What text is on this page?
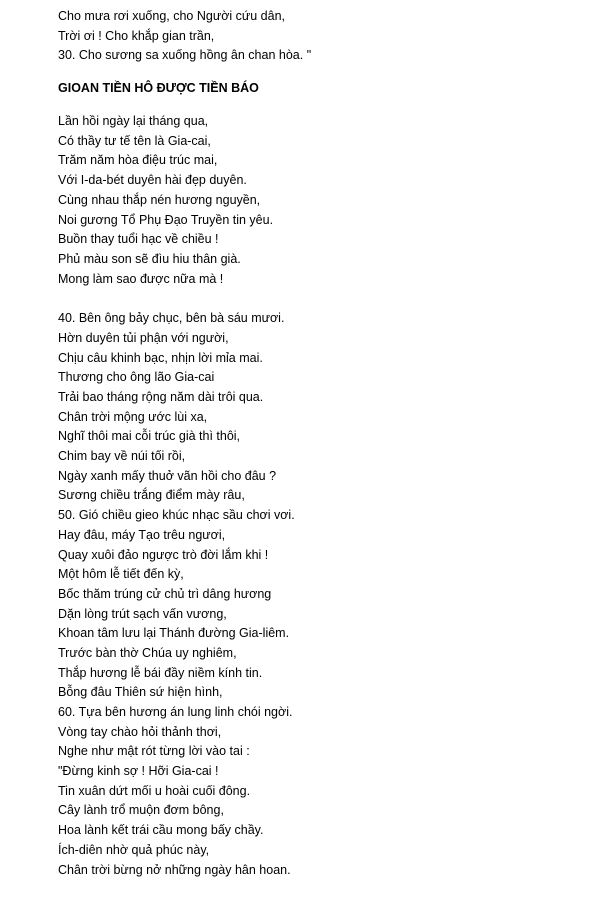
Cho mưa rơi xuống, cho Người cứu dân,
Trời ơi ! Cho khắp gian trần,
30. Cho sương sa xuống hồng ân chan hòa. "
GIOAN TIỀN HÔ ĐƯỢC TIỀN BÁO
Lần hồi ngày lại tháng qua,
Có thầy tư tế tên là Gia-cai,
Trăm năm hòa điệu trúc mai,
Với I-da-bét duyên hài đẹp duyên.
Cùng nhau thắp nén hương nguyền,
Noi gương Tổ Phụ Đạo Truyền tin yêu.
Buồn thay tuổi hạc về chiều !
Phủ màu son sẽ đìu hiu thân già.
Mong làm sao được nữa mà !
40. Bên ông bảy chục, bên bà sáu mươi.
Hờn duyên tủi phận với người,
Chịu câu khinh bạc, nhịn lời mỉa mai.
Thương cho ông lão Gia-cai
Trải bao tháng rộng năm dài trôi qua.
Chân trời mộng ước lùi xa,
Nghĩ thôi mai cỗi trúc già thì thôi,
Chim bay về núi tối rồi,
Ngày xanh mấy thuở vãn hồi cho đâu ?
Sương chiều trắng điểm mày râu,
50. Gió chiều gieo khúc nhạc sầu chơi vơi.
Hay đâu, máy Tạo trêu ngươi,
Quay xuôi đảo ngược trò đời lắm khi !
Một hôm lễ tiết đến kỳ,
Bốc thăm trúng cử chủ trì dâng hương
Dặn lòng trút sạch vấn vương,
Khoan tâm lưu lại Thánh đường Gia-liêm.
Trước bàn thờ Chúa uy nghiêm,
Thắp hương lễ bái đầy niềm kính tin.
Bỗng đâu Thiên sứ hiện hình,
60. Tựa bên hương án lung linh chói ngời.
Vòng tay chào hỏi thảnh thơi,
Nghe như mật rót từng lời vào tai :
"Đừng kinh sợ ! Hỡi Gia-cai !
Tin xuân dứt mối u hoài cuối đông.
Cây lành trổ muộn đơm bông,
Hoa lành kết trái cầu mong bấy chầy.
Ích-diên nhờ quả phúc này,
Chân trời bừng nở những ngày hân hoan.
